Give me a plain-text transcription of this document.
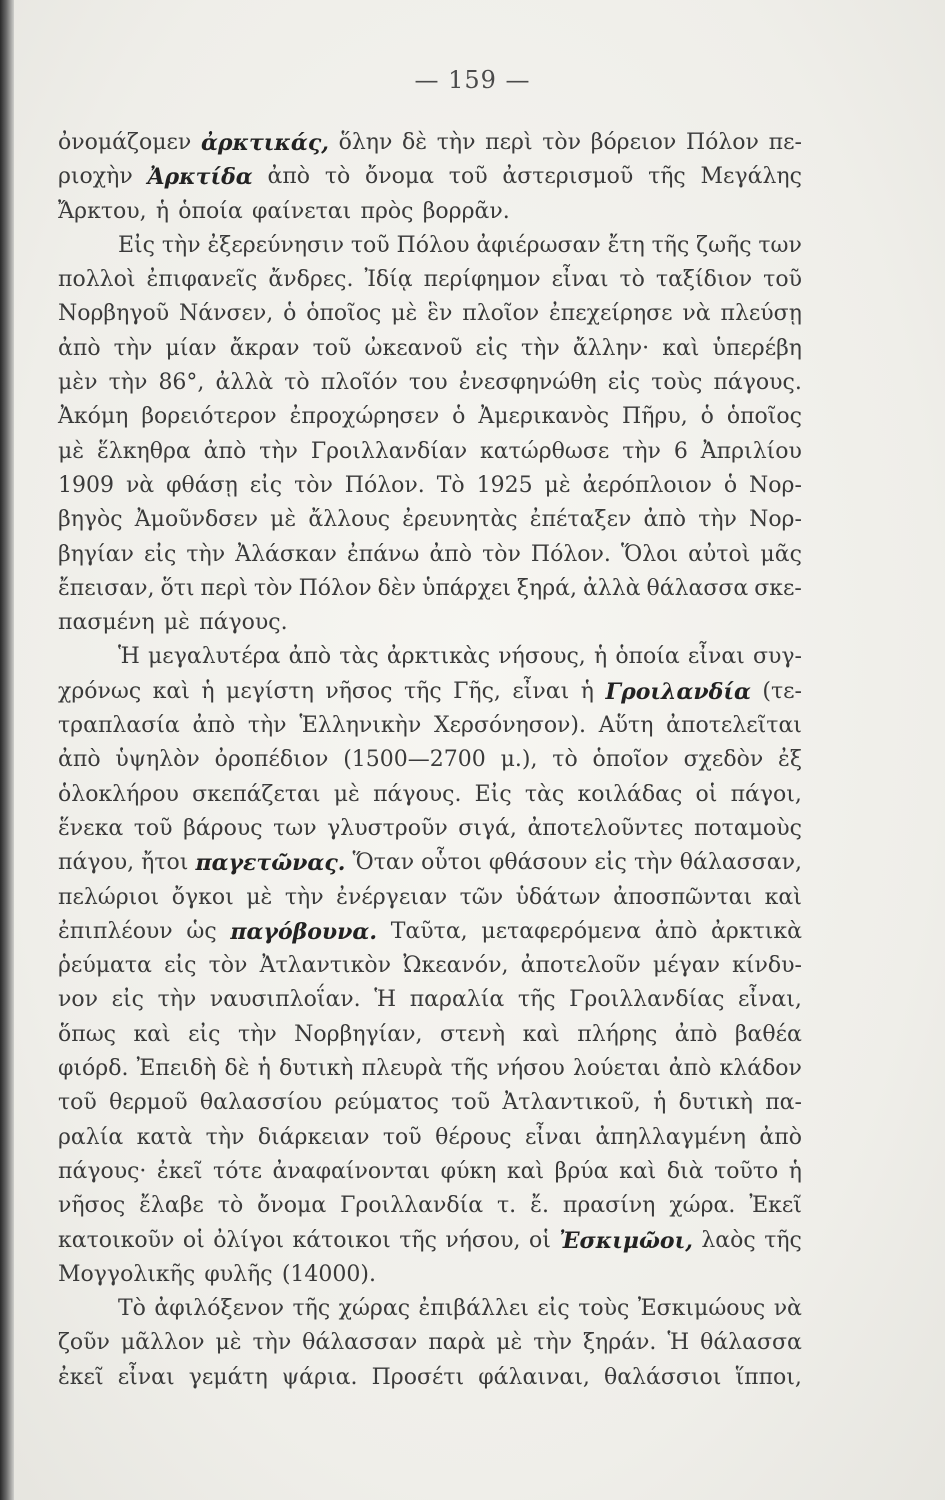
— 159 —
ὀνομάζομεν ἀρκτικάς, ὅλην δὲ τὴν περὶ τὸν βόρειον Πόλον πε-
ριοχὴν Ἀρκτίδα ἀπὸ τὸ ὄνομα τοῦ ἀστερισμοῦ τῆς Μεγάλης
Ἄρκτου, ἡ ὁποία φαίνεται πρὸς βορρᾶν.
Εἰς τὴν ἐξερεύνησιν τοῦ Πόλου ἀφιέρωσαν ἔτη τῆς ζωῆς των
πολλοὶ ἐπιφανεῖς ἄνδρες. Ἰδίᾳ περίφημον εἶναι τὸ ταξίδιον τοῦ
Νορβηγοῦ Νάνσεν, ὁ ὁποῖος μὲ ἓν πλοῖον ἐπεχείρησε νὰ πλεύσῃ
ἀπὸ τὴν μίαν ἄκραν τοῦ ὠκεανοῦ εἰς τὴν ἄλλην· καὶ ὑπερέβη
μὲν τὴν 86°, ἀλλὰ τὸ πλοῖόν του ἐνεσφηνώθη εἰς τοὺς πάγους.
Ἀκόμη βορειότερον ἐπροχώρησεν ὁ Ἀμερικανὸς Πῆρυ, ὁ ὁποῖος
μὲ ἕλκηθρα ἀπὸ τὴν Γροιλλανδίαν κατώρθωσε τὴν 6 Ἀπριλίου
1909 νὰ φθάσῃ εἰς τὸν Πόλον. Τὸ 1925 μὲ ἀερόπλοιον ὁ Νορ-
βηγὸς Ἀμοῦνδσεν μὲ ἄλλους ἐρευνητὰς ἐπέταξεν ἀπὸ τὴν Νορ-
βηγίαν εἰς τὴν Ἀλάσκαν ἐπάνω ἀπὸ τὸν Πόλον. Ὅλοι αὐτοὶ μᾶς
ἔπεισαν, ὅτι περὶ τὸν Πόλον δὲν ὑπάρχει ξηρά, ἀλλὰ θάλασσα σκε-
πασμένη μὲ πάγους.
Ἡ μεγαλυτέρα ἀπὸ τὰς ἀρκτικὰς νήσους, ἡ ὁποία εἶναι συγ-
χρόνως καὶ ἡ μεγίστη νῆσος τῆς Γῆς, εἶναι ἡ Γροιλανδία (τε-
τραπλασία ἀπὸ τὴν Ἑλληνικὴν Χερσόνησον). Αὕτη ἀποτελεῖται
ἀπὸ ὑψηλὸν ὀροπέδιον (1500—2700 μ.), τὸ ὁποῖον σχεδὸν ἐξ
ὁλοκλήρου σκεπάζεται μὲ πάγους. Εἰς τὰς κοιλάδας οἱ πάγοι,
ἕνεκα τοῦ βάρους των γλυστροῦν σιγά, ἀποτελοῦντες ποταμοὺς
πάγου, ἤτοι παγετῶνας. Ὅταν οὗτοι φθάσουν εἰς τὴν θάλασσαν,
πελώριοι ὄγκοι μὲ τὴν ἐνέργειαν τῶν ὑδάτων ἀποσπῶνται καὶ
ἐπιπλέουν ὡς παγόβουνα. Ταῦτα, μεταφερόμενα ἀπὸ ἀρκτικὰ
ῥεύματα εἰς τὸν Ἀτλαντικὸν Ὠκεανόν, ἀποτελοῦν μέγαν κίνδυ-
νον εἰς τὴν ναυσιπλοΐαν. Ἡ παραλία τῆς Γροιλλανδίας εἶναι,
ὅπως καὶ εἰς τὴν Νορβηγίαν, στενὴ καὶ πλήρης ἀπὸ βαθέα
φιόρδ. Ἐπειδὴ δὲ ἡ δυτικὴ πλευρὰ τῆς νήσου λούεται ἀπὸ κλάδον
τοῦ θερμοῦ θαλασσίου ρεύματος τοῦ Ἀτλαντικοῦ, ἡ δυτικὴ πα-
ραλία κατὰ τὴν διάρκειαν τοῦ θέρους εἶναι ἀπηλλαγμένη ἀπὸ
πάγους· ἐκεῖ τότε ἀναφαίνονται φύκη καὶ βρύα καὶ διὰ τοῦτο ἡ
νῆσος ἔλαβε τὸ ὄνομα Γροιλλανδία τ. ἔ. πρασίνη χώρα. Ἐκεῖ
κατοικοῦν οἱ ὀλίγοι κάτοικοι τῆς νήσου, οἱ Ἐσκιμῶοι, λαὸς τῆς
Μογγολικῆς φυλῆς (14000).
Τὸ ἀφιλόξενον τῆς χώρας ἐπιβάλλει εἰς τοὺς Ἐσκιμώους νὰ
ζοῦν μᾶλλον μὲ τὴν θάλασσαν παρὰ μὲ τὴν ξηράν. Ἡ θάλασσα
ἐκεῖ εἶναι γεμάτη ψάρια. Προσέτι φάλαιναι, θαλάσσιοι ἵπποι,
